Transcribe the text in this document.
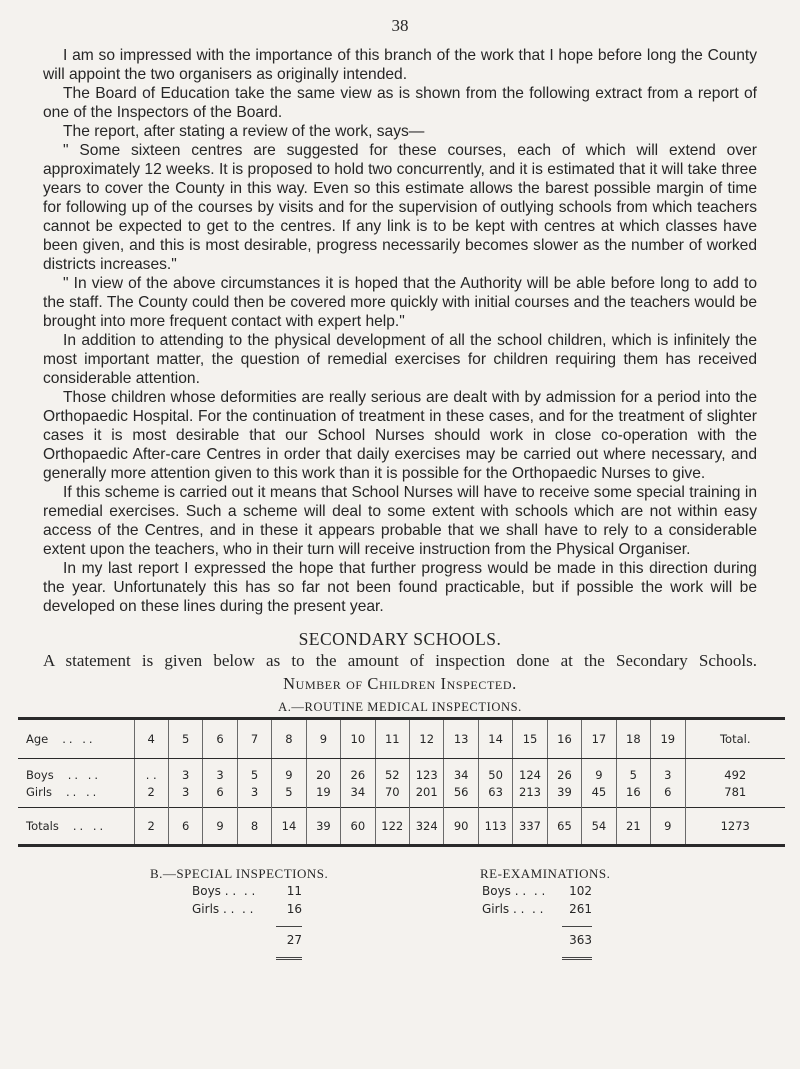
38

I am so impressed with the importance of this branch of the work that I hope before long the County will appoint the two organisers as originally intended.

The Board of Education take the same view as is shown from the following extract from a report of one of the Inspectors of the Board.

The report, after stating a review of the work, says—

" Some sixteen centres are suggested for these courses, each of which will extend over approximately 12 weeks. It is proposed to hold two concurrently, and it is estimated that it will take three years to cover the County in this way. Even so this estimate allows the barest possible margin of time for following up of the courses by visits and for the supervision of outlying schools from which teachers cannot be expected to get to the centres. If any link is to be kept with centres at which classes have been given, and this is most desirable, progress necessarily becomes slower as the number of worked districts increases."

" In view of the above circumstances it is hoped that the Authority will be able before long to add to the staff. The County could then be covered more quickly with initial courses and the teachers would be brought into more frequent contact with expert help."

In addition to attending to the physical development of all the school children, which is infinitely the most important matter, the question of remedial exercises for children requiring them has received considerable attention.

Those children whose deformities are really serious are dealt with by admission for a period into the Orthopaedic Hospital. For the continuation of treatment in these cases, and for the treatment of slighter cases it is most desirable that our School Nurses should work in close co-operation with the Orthopaedic After-care Centres in order that daily exercises may be carried out where necessary, and generally more attention given to this work than it is possible for the Orthopaedic Nurses to give.

If this scheme is carried out it means that School Nurses will have to receive some special training in remedial exercises. Such a scheme will deal to some extent with schools which are not within easy access of the Centres, and in these it appears probable that we shall have to rely to a considerable extent upon the teachers, who in their turn will receive instruction from the Physical Organiser.

In my last report I expressed the hope that further progress would be made in this direction during the year. Unfortunately this has so far not been found practicable, but if possible the work will be developed on these lines during the present year.

SECONDARY SCHOOLS.
A statement is given below as to the amount of inspection done at the Secondary Schools.
Number of Children Inspected.
A.—ROUTINE MEDICAL INSPECTIONS.
Age .. ..	4	5	6	7	8	9	10	11	12	13	14	15	16	17	18	19	Total.
Boys .. ..	. .	3	3	5	9	20	26	52	123	34	50	124	26	9	5	3	492
Girls .. ..	2	3	6	3	5	19	34	70	201	56	63	213	39	45	16	6	781
Totals .. ..	2	6	9	8	14	39	60	122	324	90	113	337	65	54	21	9	1273
B.—SPECIAL INSPECTIONS.
Boys . .  . .	11
Girls . .  . .	16
27
RE-EXAMINATIONS.
Boys . .  . .	102
Girls . .  . .	261
363
